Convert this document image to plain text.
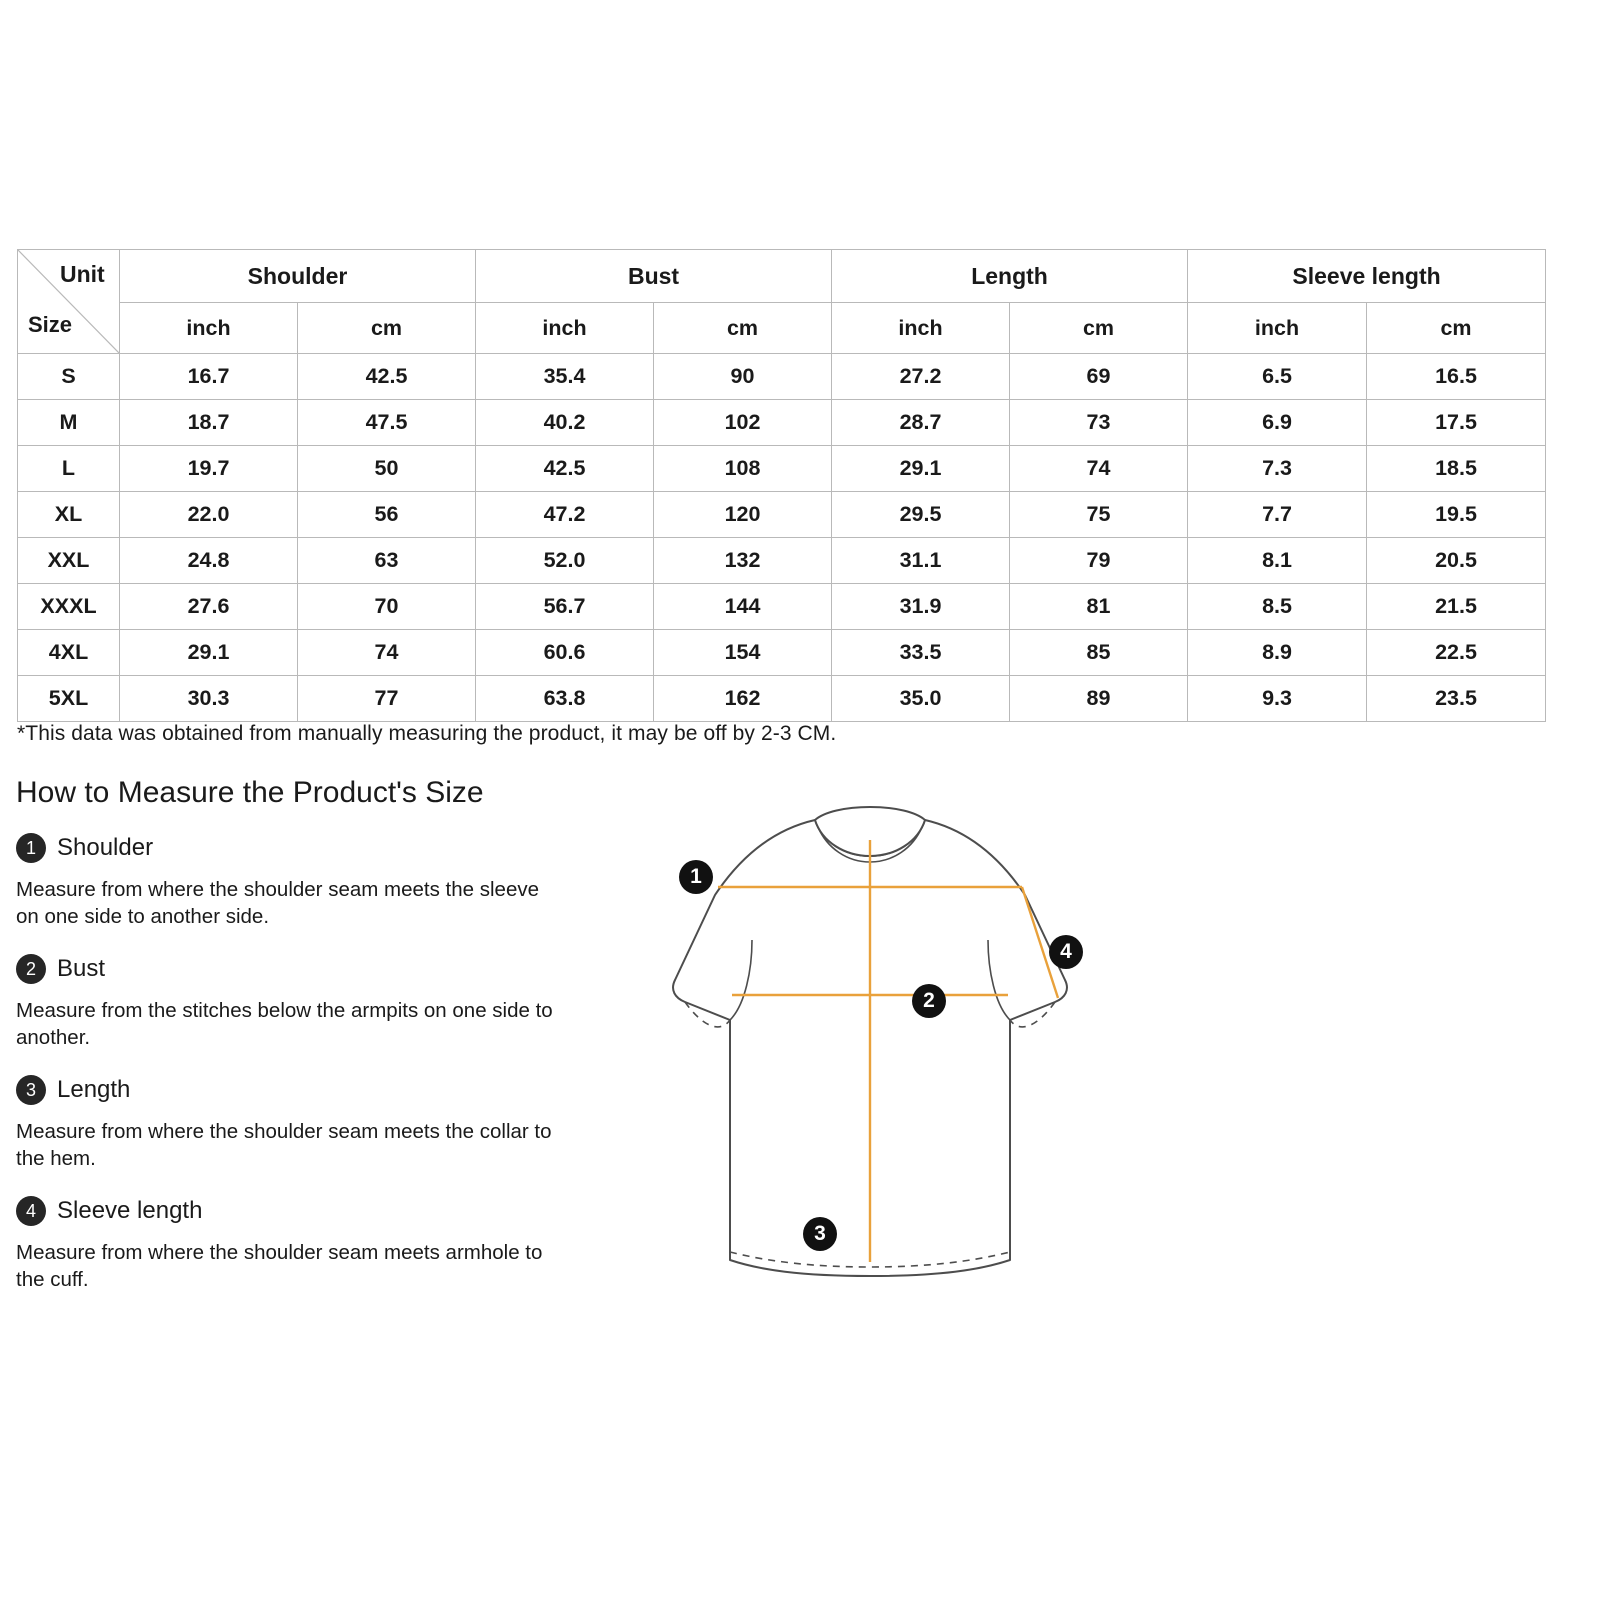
Unit
Size	Shoulder		Bust		Length		Sleeve length	
	inch	cm	inch	cm	inch	cm	inch	cm
S	16.7	42.5	35.4	90	27.2	69	6.5	16.5
M	18.7	47.5	40.2	102	28.7	73	6.9	17.5
L	19.7	50	42.5	108	29.1	74	7.3	18.5
XL	22.0	56	47.2	120	29.5	75	7.7	19.5
XXL	24.8	63	52.0	132	31.1	79	8.1	20.5
XXXL	27.6	70	56.7	144	31.9	81	8.5	21.5
4XL	29.1	74	60.6	154	33.5	85	8.9	22.5
5XL	30.3	77	63.8	162	35.0	89	9.3	23.5
*This data was obtained from manually measuring the product, it may be off by 2-3 CM.
How to Measure the Product's Size
1 Shoulder
Measure from where the shoulder seam meets the sleeve on one side to another side.
2 Bust
Measure from the stitches below the armpits on one side to another.
3 Length
Measure from where the shoulder seam meets the collar to the hem.
4 Sleeve length
Measure from where the shoulder seam meets armhole to the cuff.
1
2
3
4
